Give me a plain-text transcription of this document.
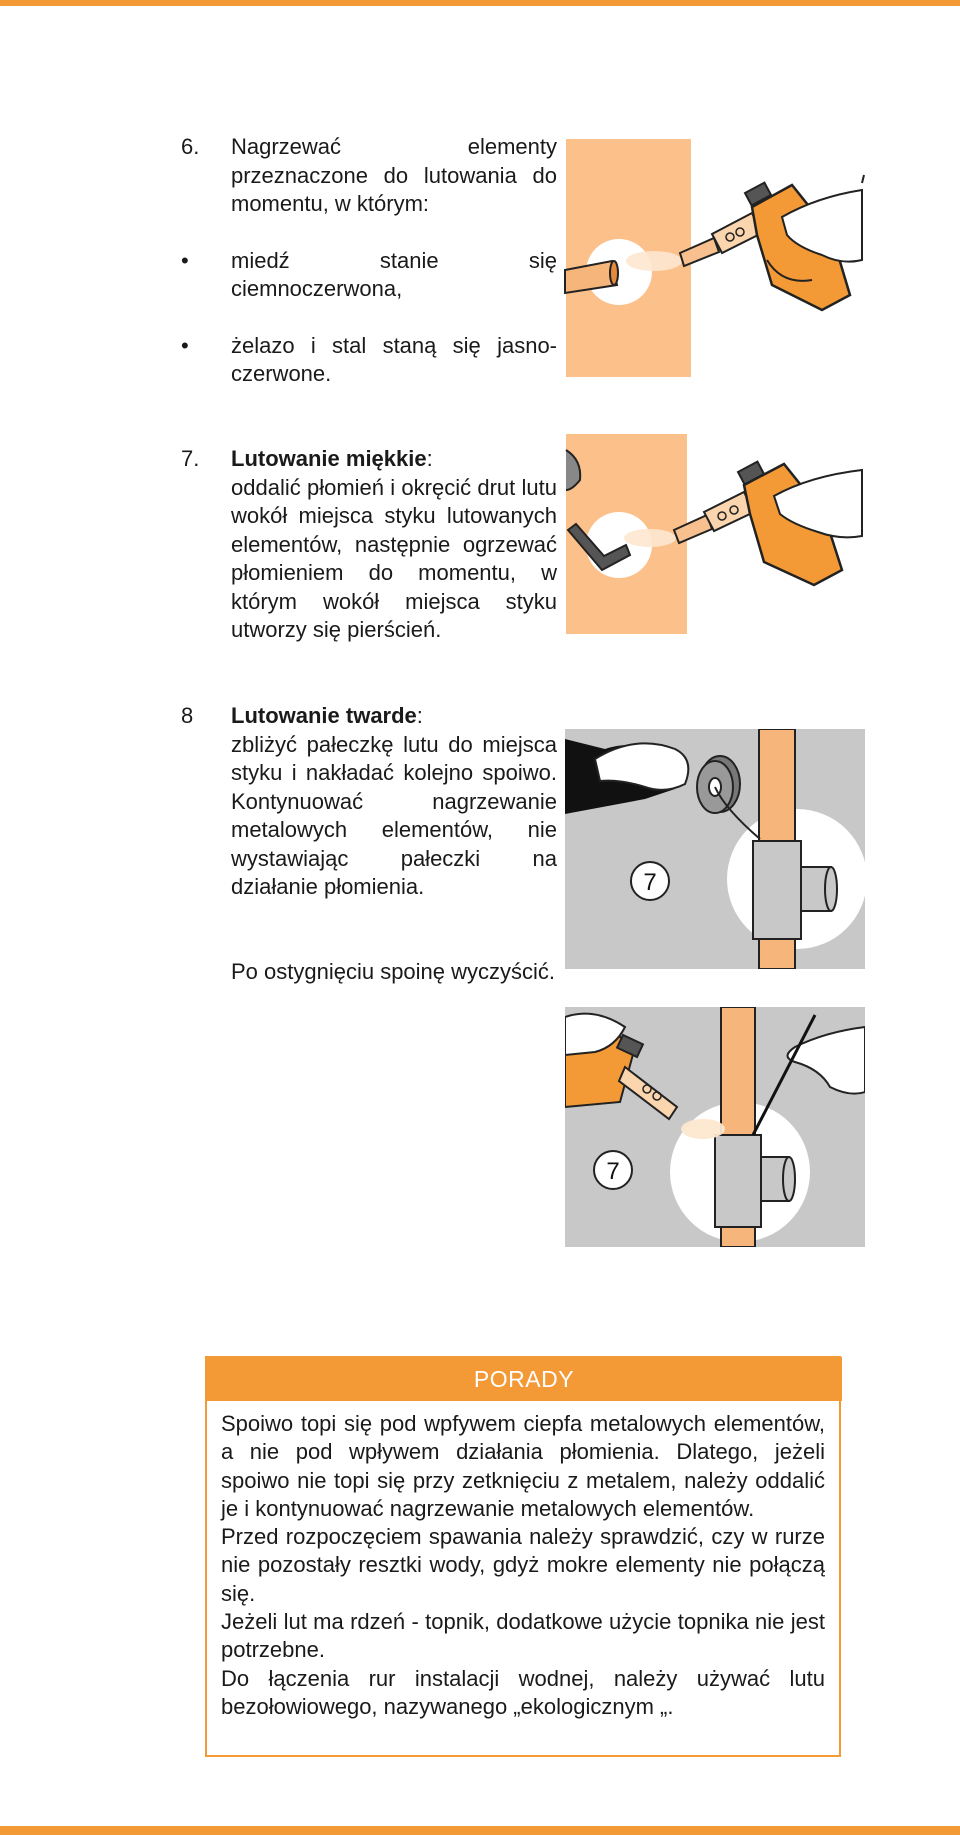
6. Nagrzewać elementy przeznaczone do lutowania do momentu, w którym:

• miedź stanie się ciemnoczerwona,

• żelazo i stal staną się jasno-czerwone.

7. Lutowanie miękkie:

oddalić płomień i okręcić drut lutu wokół miejsca styku lutowanych elementów, następnie ogrzewać płomieniem do momentu, w którym wokół miejsca styku utworzy się pierścień.

8 Lutowanie twarde:

zbliżyć pałeczkę lutu do miejsca styku i nakładać kolejno spoiwo. Kontynuować nagrzewanie metalowych elementów, nie wystawiając pałeczki na działanie płomienia.

Po ostygnięciu spoinę wyczyścić.

7
7
PORADY

Spoiwo topi się pod wpfywem ciepfa metalowych elementów, a nie pod wpływem działania płomienia. Dlatego, jeżeli spoiwo nie topi się przy zetknięciu z metalem, należy oddalić je i kontynuować nagrzewanie metalowych elementów.

Przed rozpoczęciem spawania należy sprawdzić, czy w rurze nie pozostały resztki wody, gdyż mokre elementy nie połączą się.

Jeżeli lut ma rdzeń - topnik, dodatkowe użycie topnika nie jest potrzebne.

Do łączenia rur instalacji wodnej, należy używać lutu bezołowiowego, nazywanego „ekologicznym „.
